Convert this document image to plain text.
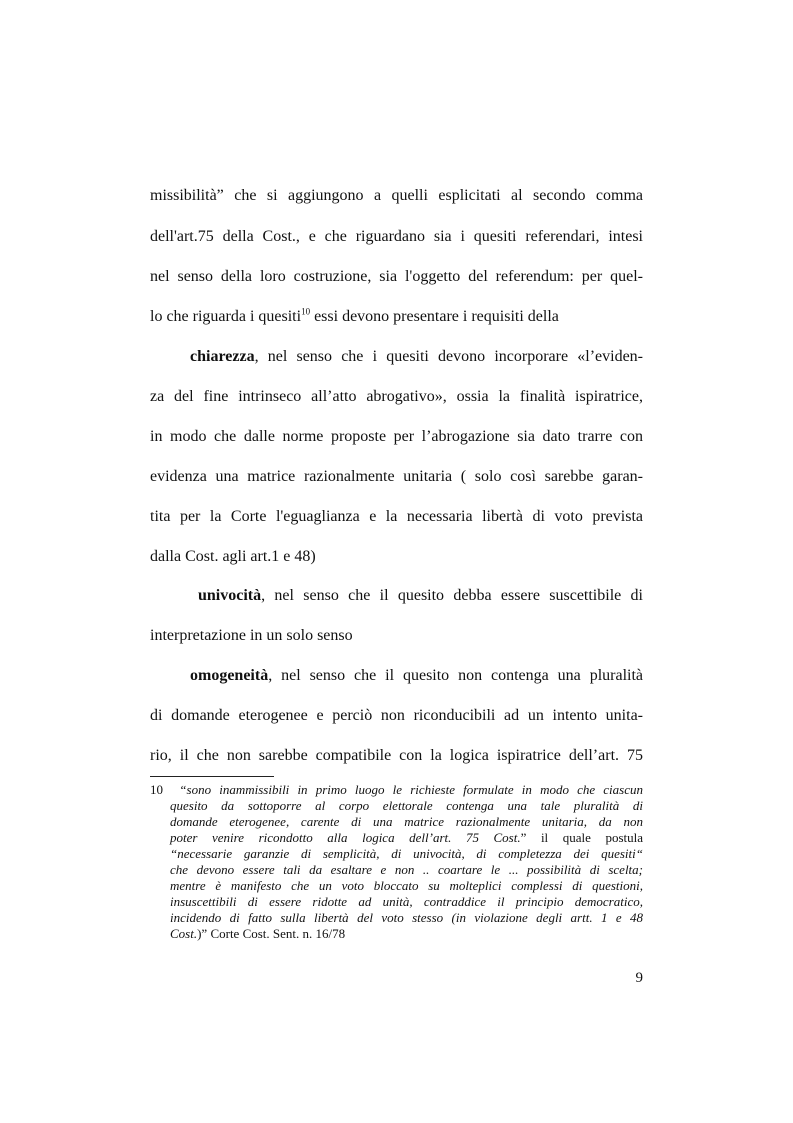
missibilità” che si aggiungono a quelli esplicitati al secondo comma
dell'art.75 della Cost., e che riguardano sia i quesiti referendari, intesi
nel senso della loro costruzione, sia l'oggetto del referendum: per quel-
lo che riguarda i quesiti$^{10}$ essi devono presentare i requisiti della
chiarezza, nel senso che i quesiti devono incorporare «l’eviden-
za del fine intrinseco all’atto abrogativo», ossia la finalità ispiratrice,
in modo che dalle norme proposte per l’abrogazione sia dato trarre con
evidenza una matrice razionalmente unitaria ( solo così sarebbe garan-
tita per la Corte l'eguaglianza e la necessaria libertà di voto prevista
dalla Cost. agli art.1 e 48)
univocità, nel senso che il quesito debba essere suscettibile di
interpretazione in un solo senso
omogeneità, nel senso che il quesito non contenga una pluralità
di domande eterogenee e perciò non riconducibili ad un intento unita-
rio, il che non sarebbe compatibile con la logica ispiratrice dell’art. 75
10 “sono inammissibili in primo luogo le richieste formulate in modo che ciascun
quesito da sottoporre al corpo elettorale contenga una tale pluralità di
domande eterogenee, carente di una matrice razionalmente unitaria, da non
poter venire ricondotto alla logica dell’art. 75 Cost.” il quale postula
“necessarie garanzie di semplicità, di univocità, di completezza dei quesiti“
che devono essere tali da esaltare e non .. coartare le ... possibilità di scelta;
mentre è manifesto che un voto bloccato su molteplici complessi di questioni,
insuscettibili di essere ridotte ad unità, contraddice il principio democratico,
incidendo di fatto sulla libertà del voto stesso (in violazione degli artt. 1 e 48
Cost.)” Corte Cost. Sent. n. 16/78
9
